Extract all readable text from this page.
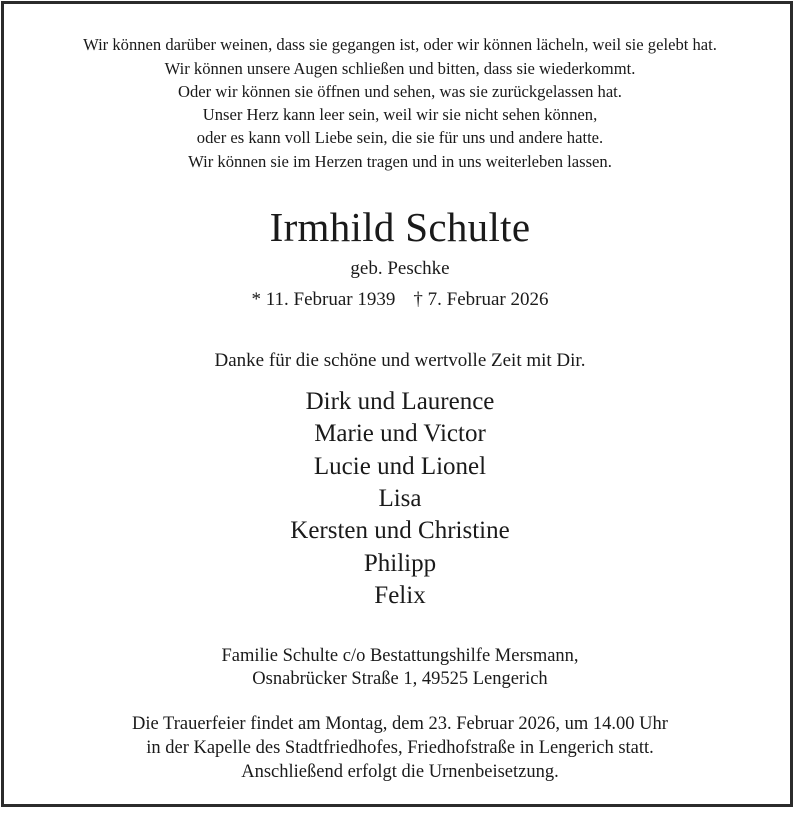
Wir können darüber weinen, dass sie gegangen ist, oder wir können lächeln, weil sie gelebt hat.

Wir können unsere Augen schließen und bitten, dass sie wiederkommt.

Oder wir können sie öffnen und sehen, was sie zurückgelassen hat.

Unser Herz kann leer sein, weil wir sie nicht sehen können,

oder es kann voll Liebe sein, die sie für uns und andere hatte.

Wir können sie im Herzen tragen und in uns weiterleben lassen.

Irmhild Schulte

geb. Peschke

* 11. Februar 1939 † 7. Februar 2026

Danke für die schöne und wertvolle Zeit mit Dir.

Dirk und Laurence

Marie und Victor

Lucie und Lionel

Lisa

Kersten und Christine

Philipp

Felix

Familie Schulte c/o Bestattungshilfe Mersmann,

Osnabrücker Straße 1, 49525 Lengerich

Die Trauerfeier findet am Montag, dem 23. Februar 2026, um 14.00 Uhr

in der Kapelle des Stadtfriedhofes, Friedhofstraße in Lengerich statt.

Anschließend erfolgt die Urnenbeisetzung.
